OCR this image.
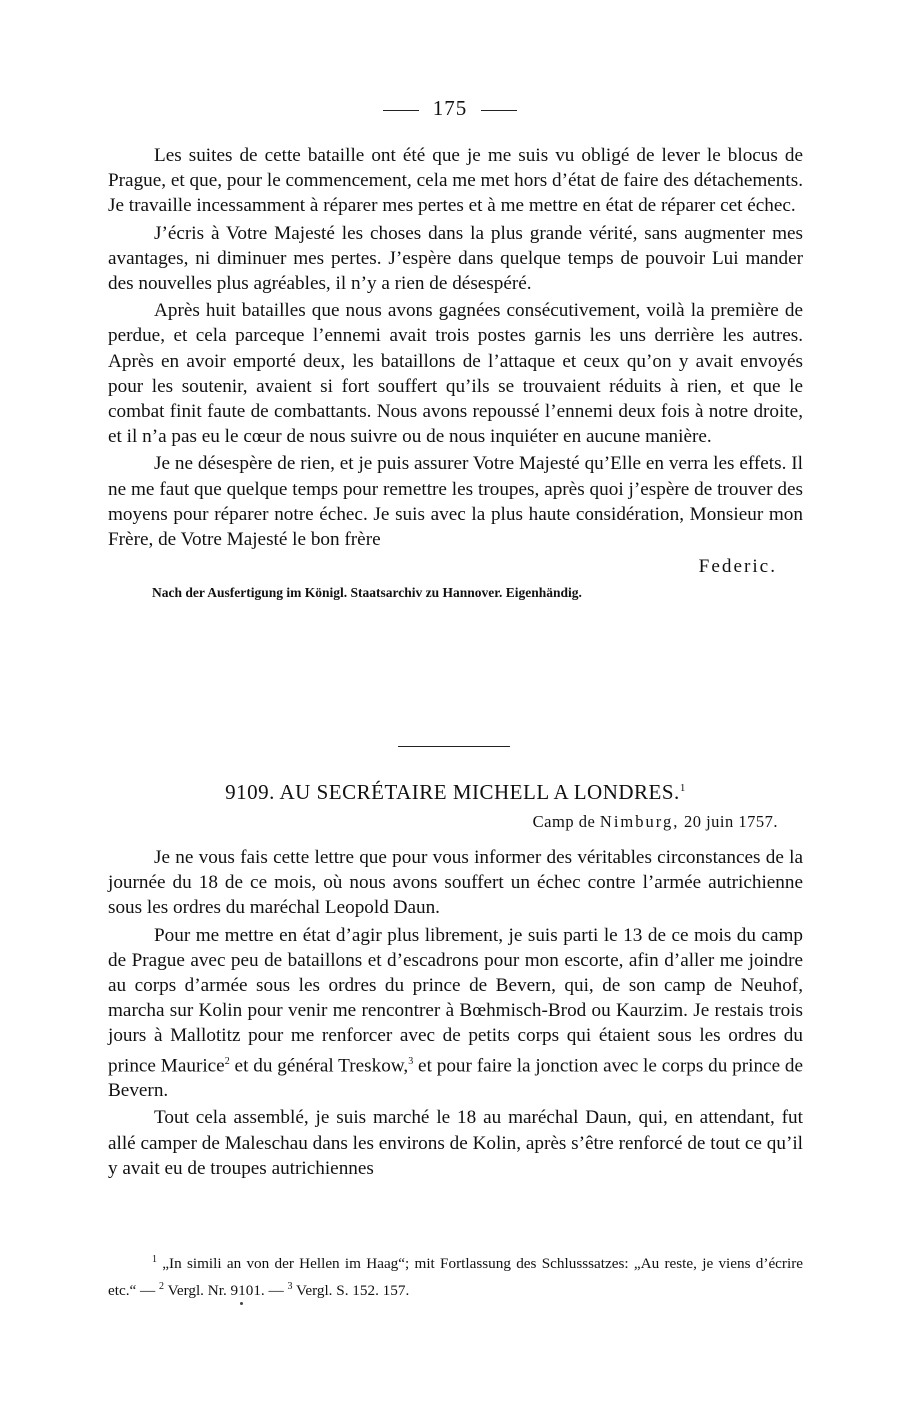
175

Les suites de cette bataille ont été que je me suis vu obligé de lever le blocus de Prague, et que, pour le commencement, cela me met hors d’état de faire des détachements. Je travaille incessamment à réparer mes pertes et à me mettre en état de réparer cet échec.

J’écris à Votre Majesté les choses dans la plus grande vérité, sans augmenter mes avantages, ni diminuer mes pertes. J’espère dans quelque temps de pouvoir Lui mander des nouvelles plus agréables, il n’y a rien de désespéré.

Après huit batailles que nous avons gagnées consécutivement, voilà la première de perdue, et cela parceque l’ennemi avait trois postes garnis les uns derrière les autres. Après en avoir emporté deux, les bataillons de l’attaque et ceux qu’on y avait envoyés pour les soutenir, avaient si fort souffert qu’ils se trouvaient réduits à rien, et que le combat finit faute de combattants. Nous avons repoussé l’ennemi deux fois à notre droite, et il n’a pas eu le cœur de nous suivre ou de nous inquiéter en aucune manière.

Je ne désespère de rien, et je puis assurer Votre Majesté qu’Elle en verra les effets. Il ne me faut que quelque temps pour remettre les troupes, après quoi j’espère de trouver des moyens pour réparer notre échec. Je suis avec la plus haute considération, Monsieur mon Frère, de Votre Majesté le bon frère

Federic.

Nach der Ausfertigung im Königl. Staatsarchiv zu Hannover. Eigenhändig.

9109. AU SECRÉTAIRE MICHELL A LONDRES.$^1$
Camp de Nimburg, 20 juin 1757.

Je ne vous fais cette lettre que pour vous informer des véritables circonstances de la journée du 18 de ce mois, où nous avons souffert un échec contre l’armée autrichienne sous les ordres du maréchal Leopold Daun.

Pour me mettre en état d’agir plus librement, je suis parti le 13 de ce mois du camp de Prague avec peu de bataillons et d’escadrons pour mon escorte, afin d’aller me joindre au corps d’armée sous les ordres du prince de Bevern, qui, de son camp de Neuhof, marcha sur Kolin pour venir me rencontrer à Bœhmisch-Brod ou Kaurzim. Je restais trois jours à Mallotitz pour me renforcer avec de petits corps qui étaient sous les ordres du prince Maurice$^2$ et du général Treskow,$^3$ et pour faire la jonction avec le corps du prince de Bevern.

Tout cela assemblé, je suis marché le 18 au maréchal Daun, qui, en attendant, fut allé camper de Maleschau dans les environs de Kolin, après s’être renforcé de tout ce qu’il y avait eu de troupes autrichiennes

$^1$ „In simili an von der Hellen im Haag“; mit Fortlassung des Schlusssatzes: „Au reste, je viens d’écrire etc.“ — $^2$ Vergl. Nr. 9101. — $^3$ Vergl. S. 152. 157.
